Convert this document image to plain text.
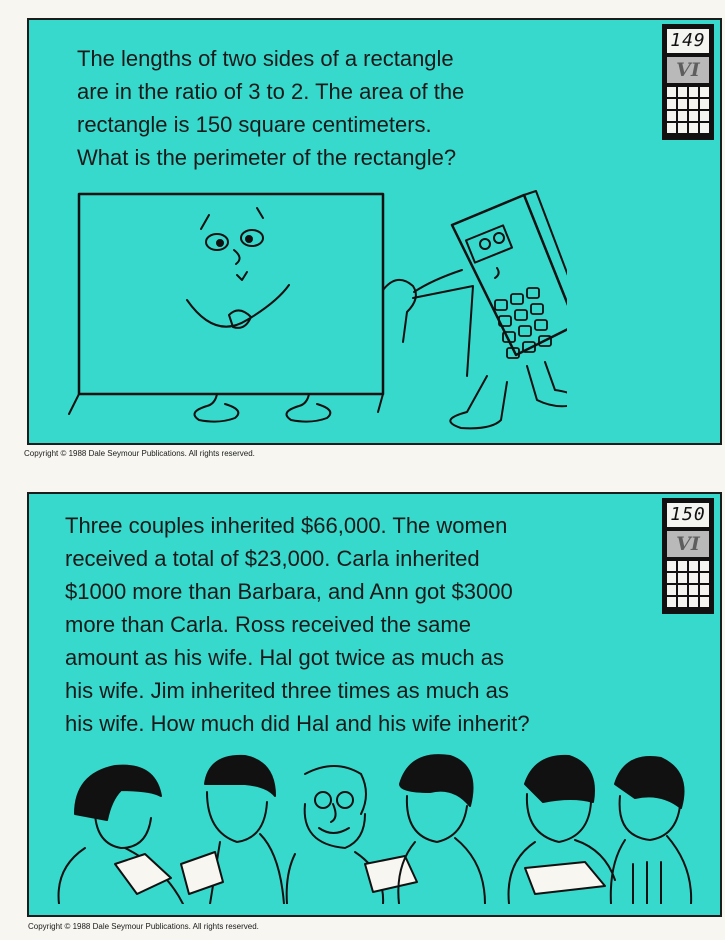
The lengths of two sides of a rectangle
are in the ratio of 3 to 2. The area of the
rectangle is 150 square centimeters.
What is the perimeter of the rectangle?

149
VI

Copyright © 1988 Dale Seymour Publications. All rights reserved.

Three couples inherited $66,000. The women
received a total of $23,000. Carla inherited
$1000 more than Barbara, and Ann got $3000
more than Carla. Ross received the same
amount as his wife. Hal got twice as much as
his wife. Jim inherited three times as much as
his wife. How much did Hal and his wife inherit?

150
VI

Copyright © 1988 Dale Seymour Publications. All rights reserved.
